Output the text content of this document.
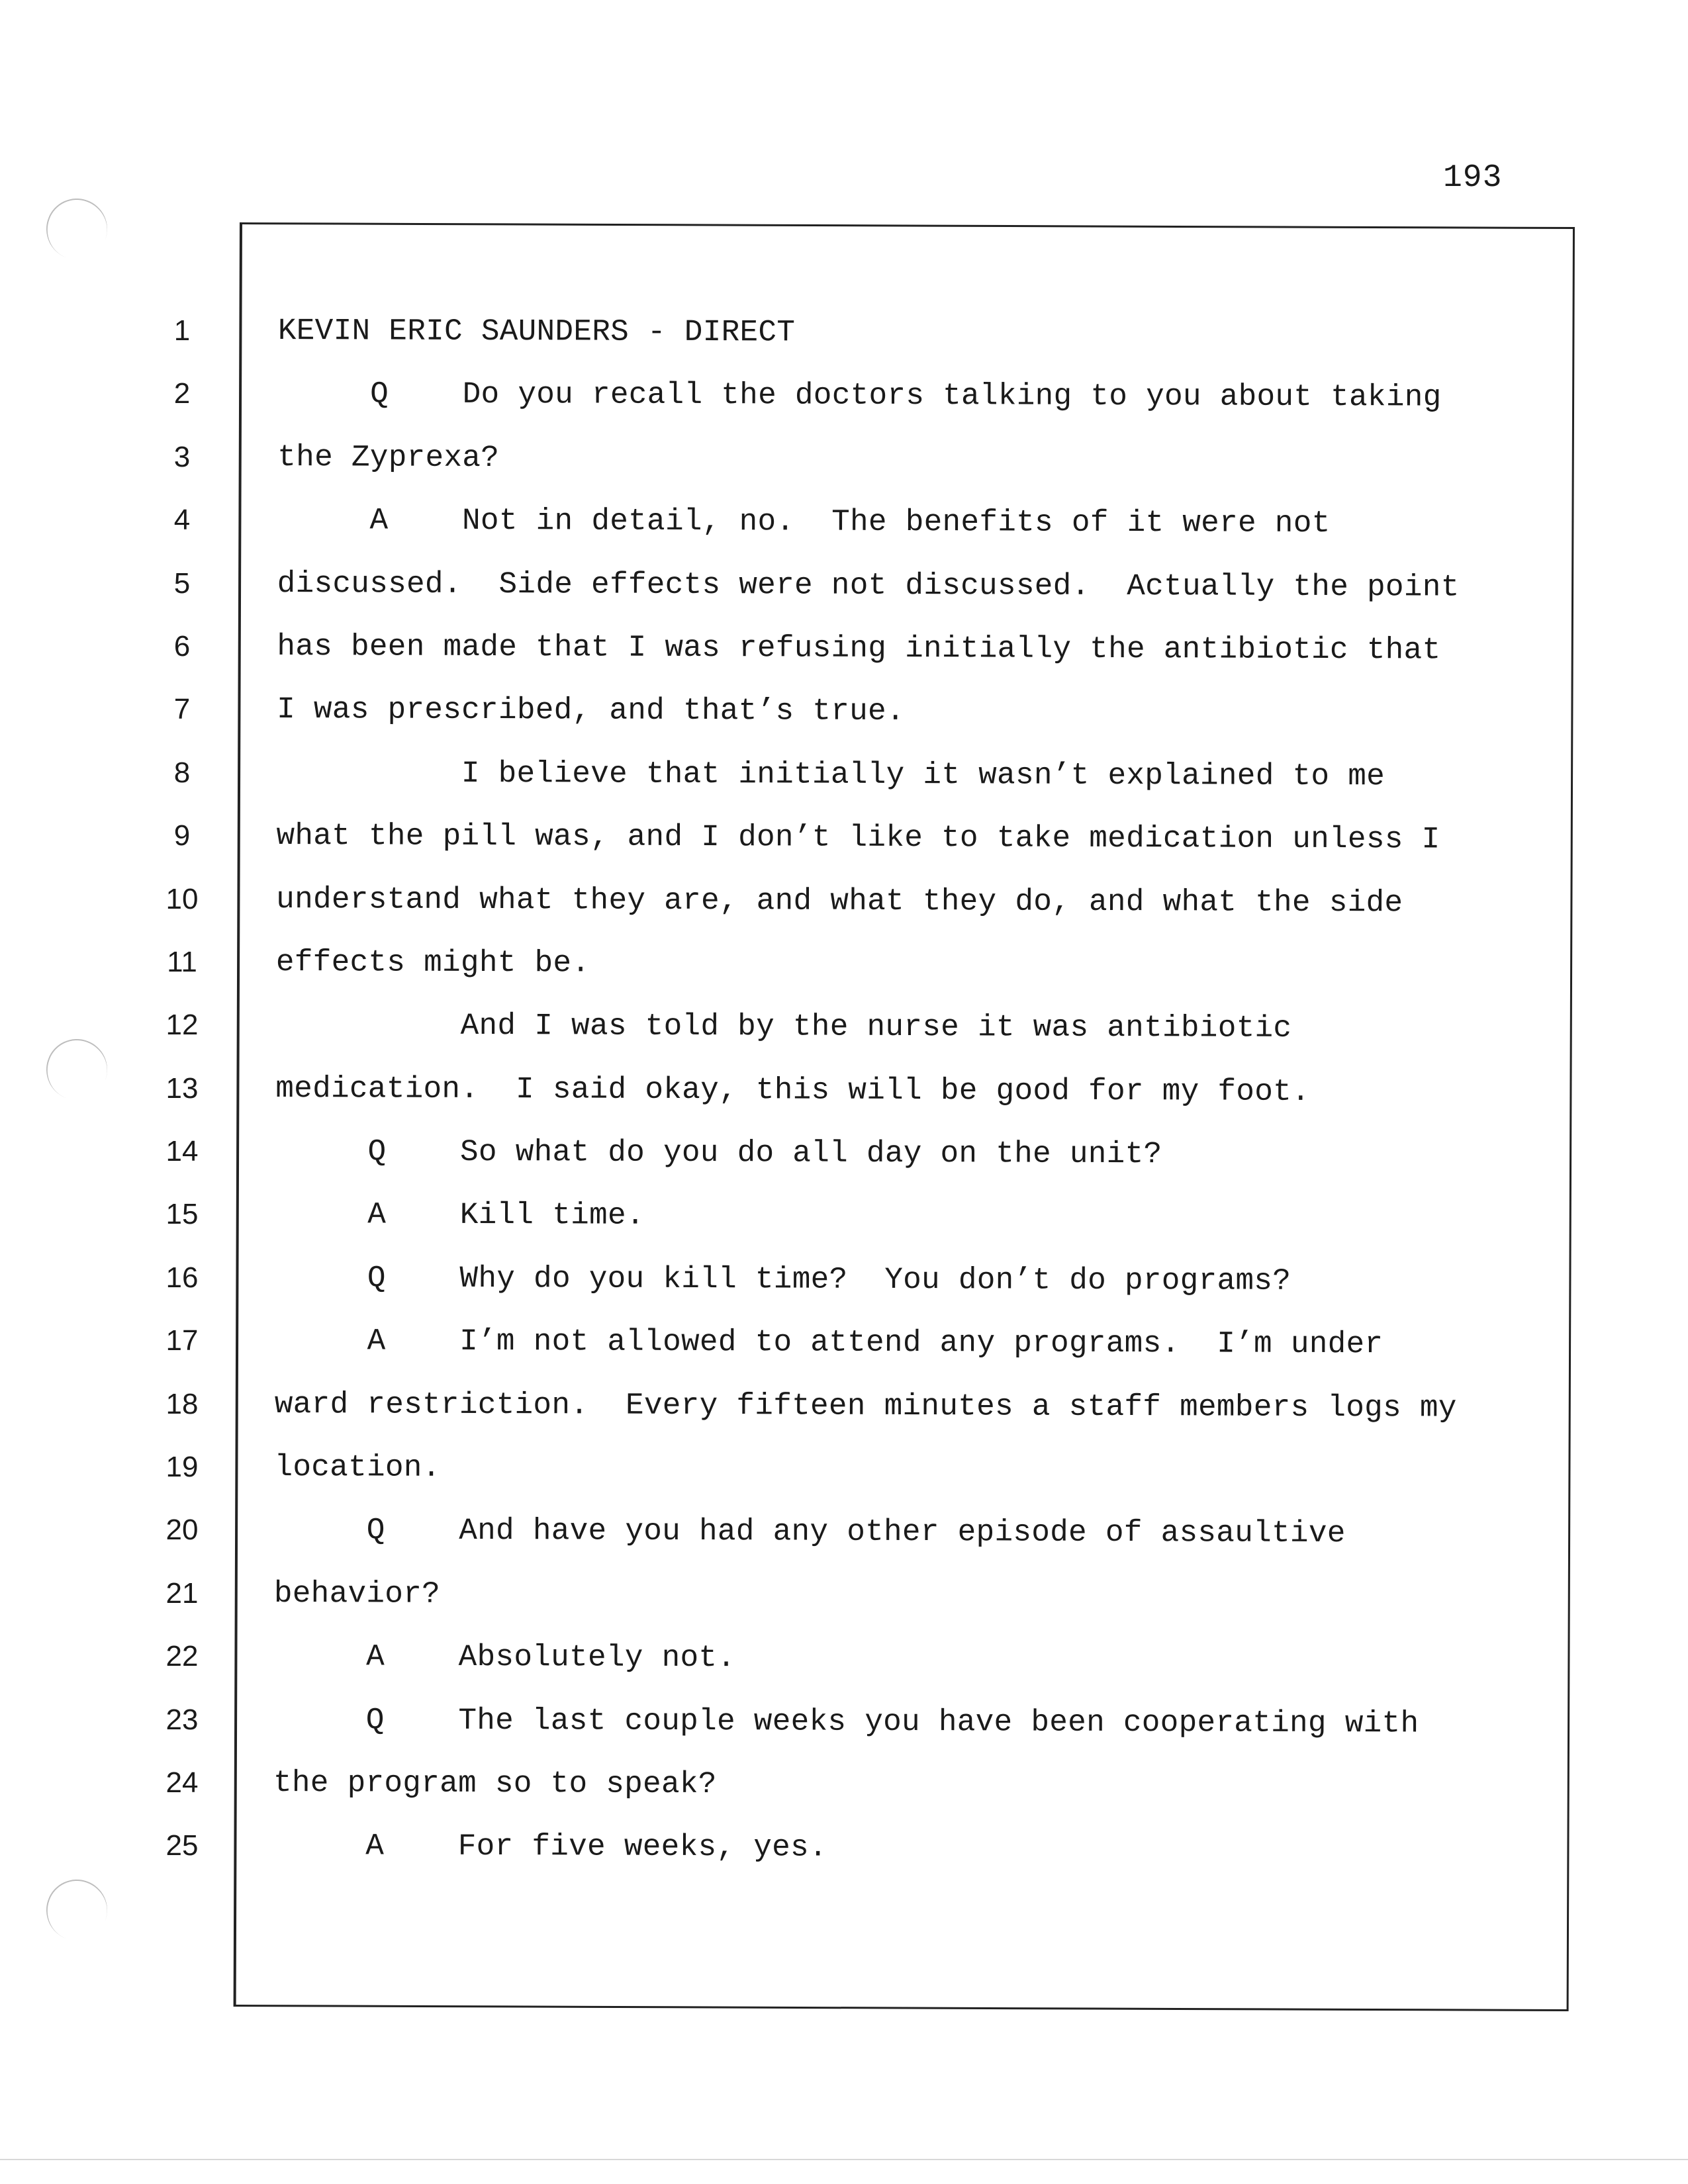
193
1
2
3
4
5
6
7
8
9
10
11
12
13
14
15
16
17
18
19
20
21
22
23
24
25
KEVIN ERIC SAUNDERS - DIRECT
Q    Do you recall the doctors talking to you about taking
the Zyprexa?
A    Not in detail, no.  The benefits of it were not
discussed.  Side effects were not discussed.  Actually the point
has been made that I was refusing initially the antibiotic that
I was prescribed, and that’s true.
I believe that initially it wasn’t explained to me
what the pill was, and I don’t like to take medication unless I
understand what they are, and what they do, and what the side
effects might be.
And I was told by the nurse it was antibiotic
medication.  I said okay, this will be good for my foot.
Q    So what do you do all day on the unit?
A    Kill time.
Q    Why do you kill time?  You don’t do programs?
A    I’m not allowed to attend any programs.  I’m under
ward restriction.  Every fifteen minutes a staff members logs my
location.
Q    And have you had any other episode of assaultive
behavior?
A    Absolutely not.
Q    The last couple weeks you have been cooperating with
the program so to speak?
A    For five weeks, yes.
